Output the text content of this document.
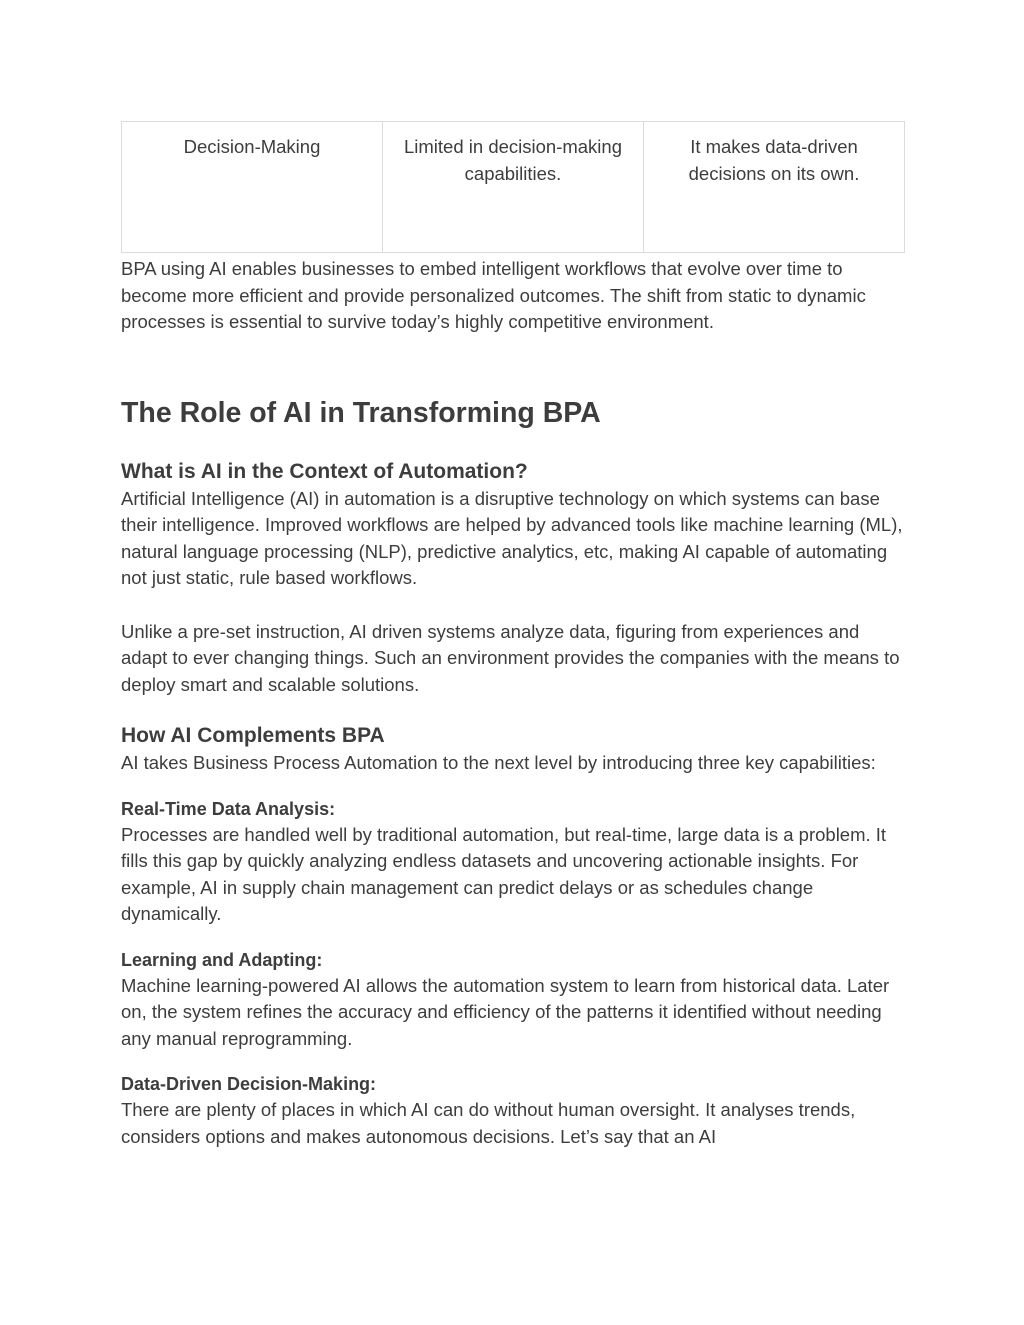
Decision-Making	Limited in decision-making capabilities.	It makes data-driven decisions on its own.

BPA using AI enables businesses to embed intelligent workflows that evolve over time to become more efficient and provide personalized outcomes. The shift from static to dynamic processes is essential to survive today’s highly competitive environment.

The Role of AI in Transforming BPA
What is AI in the Context of Automation?

Artificial Intelligence (AI) in automation is a disruptive technology on which systems can base their intelligence. Improved workflows are helped by advanced tools like machine learning (ML), natural language processing (NLP), predictive analytics, etc, making AI capable of automating not just static, rule based workflows.

Unlike a pre-set instruction, AI driven systems analyze data, figuring from experiences and adapt to ever changing things. Such an environment provides the companies with the means to deploy smart and scalable solutions.

How AI Complements BPA

AI takes Business Process Automation to the next level by introducing three key capabilities:

Real-Time Data Analysis:

Processes are handled well by traditional automation, but real-time, large data is a problem. It fills this gap by quickly analyzing endless datasets and uncovering actionable insights. For example, AI in supply chain management can predict delays or as schedules change dynamically.

Learning and Adapting:

Machine learning-powered AI allows the automation system to learn from historical data. Later on, the system refines the accuracy and efficiency of the patterns it identified without needing any manual reprogramming.

Data-Driven Decision-Making:

There are plenty of places in which AI can do without human oversight. It analyses trends, considers options and makes autonomous decisions. Let’s say that an AI
